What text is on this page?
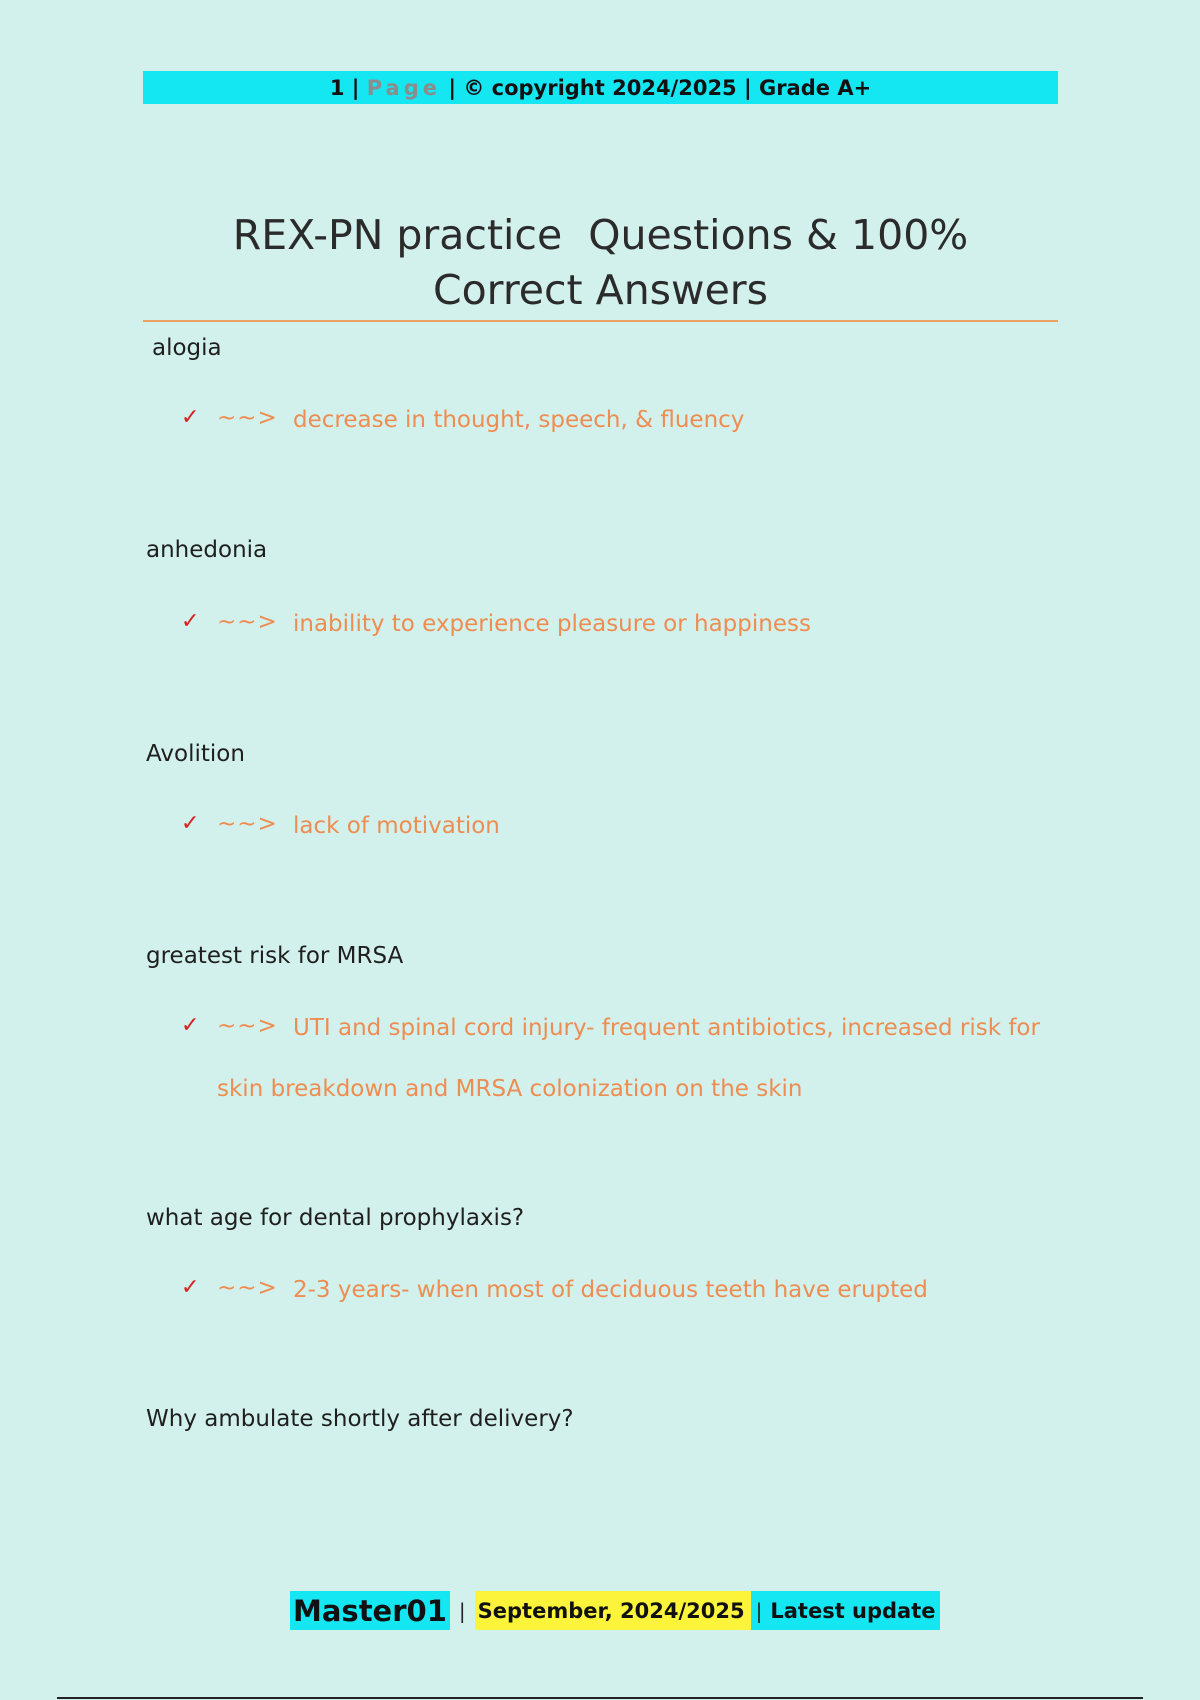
1 | Page | © copyright 2024/2025 | Grade A+
REX-PN practice  Questions & 100%
Correct Answers
alogia
✓ ~~> decrease in thought, speech, & fluency
anhedonia
✓ ~~> inability to experience pleasure or happiness
Avolition
✓ ~~> lack of motivation
greatest risk for MRSA
✓ ~~> UTI and spinal cord injury- frequent antibiotics, increased risk for skin breakdown and MRSA colonization on the skin
what age for dental prophylaxis?
✓ ~~> 2-3 years- when most of deciduous teeth have erupted
Why ambulate shortly after delivery?
Master01 | September, 2024/2025 | Latest update
